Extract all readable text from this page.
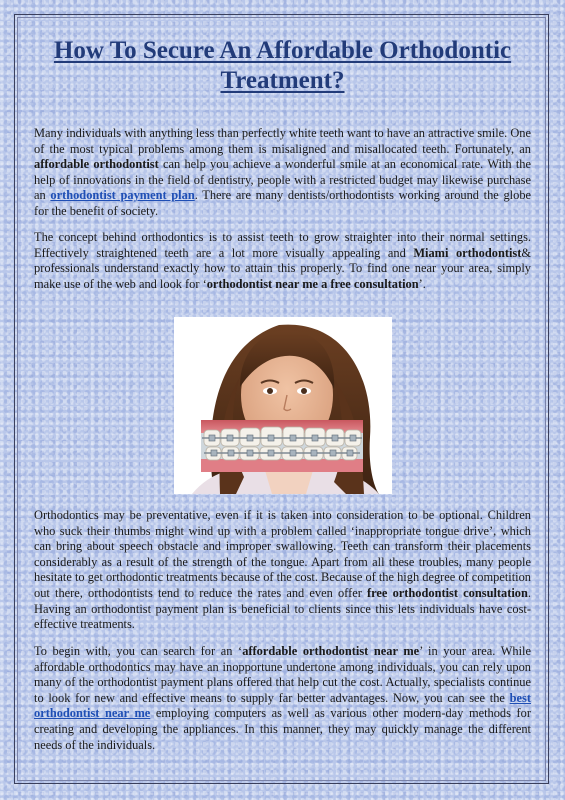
How To Secure An Affordable Orthodontic Treatment?

Many individuals with anything less than perfectly white teeth want to have an attractive smile. One of the most typical problems among them is misaligned and misallocated teeth. Fortunately, an affordable orthodontist can help you achieve a wonderful smile at an economical rate. With the help of innovations in the field of dentistry, people with a restricted budget may likewise purchase an orthodontist payment plan. There are many dentists/orthodontists working around the globe for the benefit of society.

The concept behind orthodontics is to assist teeth to grow straighter into their normal settings. Effectively straightened teeth are a lot more visually appealing and Miami orthodontist& professionals understand exactly how to attain this properly. To find one near your area, simply make use of the web and look for ‘orthodontist near me a free consultation’.

Orthodontics may be preventative, even if it is taken into consideration to be optional. Children who suck their thumbs might wind up with a problem called ‘inappropriate tongue drive’, which can bring about speech obstacle and improper swallowing. Teeth can transform their placements considerably as a result of the strength of the tongue. Apart from all these troubles, many people hesitate to get orthodontic treatments because of the cost. Because of the high degree of competition out there, orthodontists tend to reduce the rates and even offer free orthodontist consultation. Having an orthodontist payment plan is beneficial to clients since this lets individuals have cost-effective treatments.

To begin with, you can search for an ‘affordable orthodontist near me’ in your area. While affordable orthodontics may have an inopportune undertone among individuals, you can rely upon many of the orthodontist payment plans offered that help cut the cost. Actually, specialists continue to look for new and effective means to supply far better advantages. Now, you can see the best orthodontist near me employing computers as well as various other modern-day methods for creating and developing the appliances. In this manner, they may quickly manage the different needs of the individuals.
